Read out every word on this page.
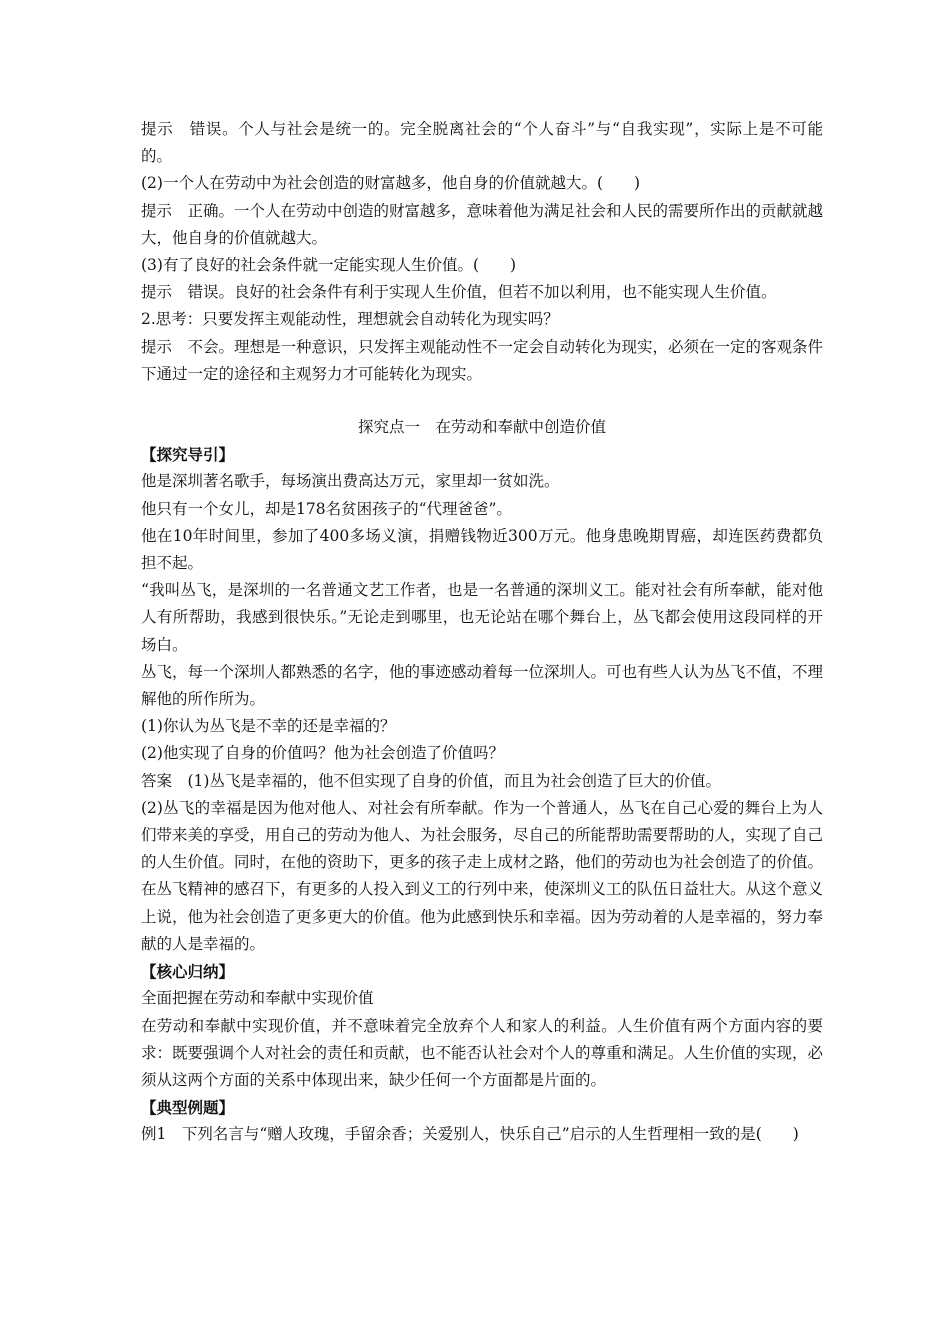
提示　错误。个人与社会是统一的。完全脱离社会的“个人奋斗”与“自我实现”，实际上是不可能的。

(2)一个人在劳动中为社会创造的财富越多，他自身的价值就越大。(　　)

提示　正确。一个人在劳动中创造的财富越多，意味着他为满足社会和人民的需要所作出的贡献就越大，他自身的价值就越大。

(3)有了良好的社会条件就一定能实现人生价值。(　　)

提示　错误。良好的社会条件有利于实现人生价值，但若不加以利用，也不能实现人生价值。

2.思考：只要发挥主观能动性，理想就会自动转化为现实吗？

提示　不会。理想是一种意识，只发挥主观能动性不一定会自动转化为现实，必须在一定的客观条件下通过一定的途径和主观努力才可能转化为现实。

探究点一　在劳动和奉献中创造价值

【探究导引】

他是深圳著名歌手，每场演出费高达万元，家里却一贫如洗。

他只有一个女儿，却是178名贫困孩子的“代理爸爸”。

他在10年时间里，参加了400多场义演，捐赠钱物近300万元。他身患晚期胃癌，却连医药费都负担不起。

“我叫丛飞，是深圳的一名普通文艺工作者，也是一名普通的深圳义工。能对社会有所奉献，能对他人有所帮助，我感到很快乐。”无论走到哪里，也无论站在哪个舞台上，丛飞都会使用这段同样的开场白。

丛飞，每一个深圳人都熟悉的名字，他的事迹感动着每一位深圳人。可也有些人认为丛飞不值，不理解他的所作所为。

(1)你认为丛飞是不幸的还是幸福的？

(2)他实现了自身的价值吗？他为社会创造了价值吗？

答案　(1)丛飞是幸福的，他不但实现了自身的价值，而且为社会创造了巨大的价值。

(2)丛飞的幸福是因为他对他人、对社会有所奉献。作为一个普通人，丛飞在自己心爱的舞台上为人们带来美的享受，用自己的劳动为他人、为社会服务，尽自己的所能帮助需要帮助的人，实现了自己的人生价值。同时，在他的资助下，更多的孩子走上成材之路，他们的劳动也为社会创造了的价值。在丛飞精神的感召下，有更多的人投入到义工的行列中来，使深圳义工的队伍日益壮大。从这个意义上说，他为社会创造了更多更大的价值。他为此感到快乐和幸福。因为劳动着的人是幸福的，努力奉献的人是幸福的。

【核心归纳】

全面把握在劳动和奉献中实现价值

在劳动和奉献中实现价值，并不意味着完全放弃个人和家人的利益。人生价值有两个方面内容的要求：既要强调个人对社会的责任和贡献，也不能否认社会对个人的尊重和满足。人生价值的实现，必须从这两个方面的关系中体现出来，缺少任何一个方面都是片面的。

【典型例题】

例1　下列名言与“赠人玫瑰，手留余香；关爱别人，快乐自己”启示的人生哲理相一致的是(　　)
